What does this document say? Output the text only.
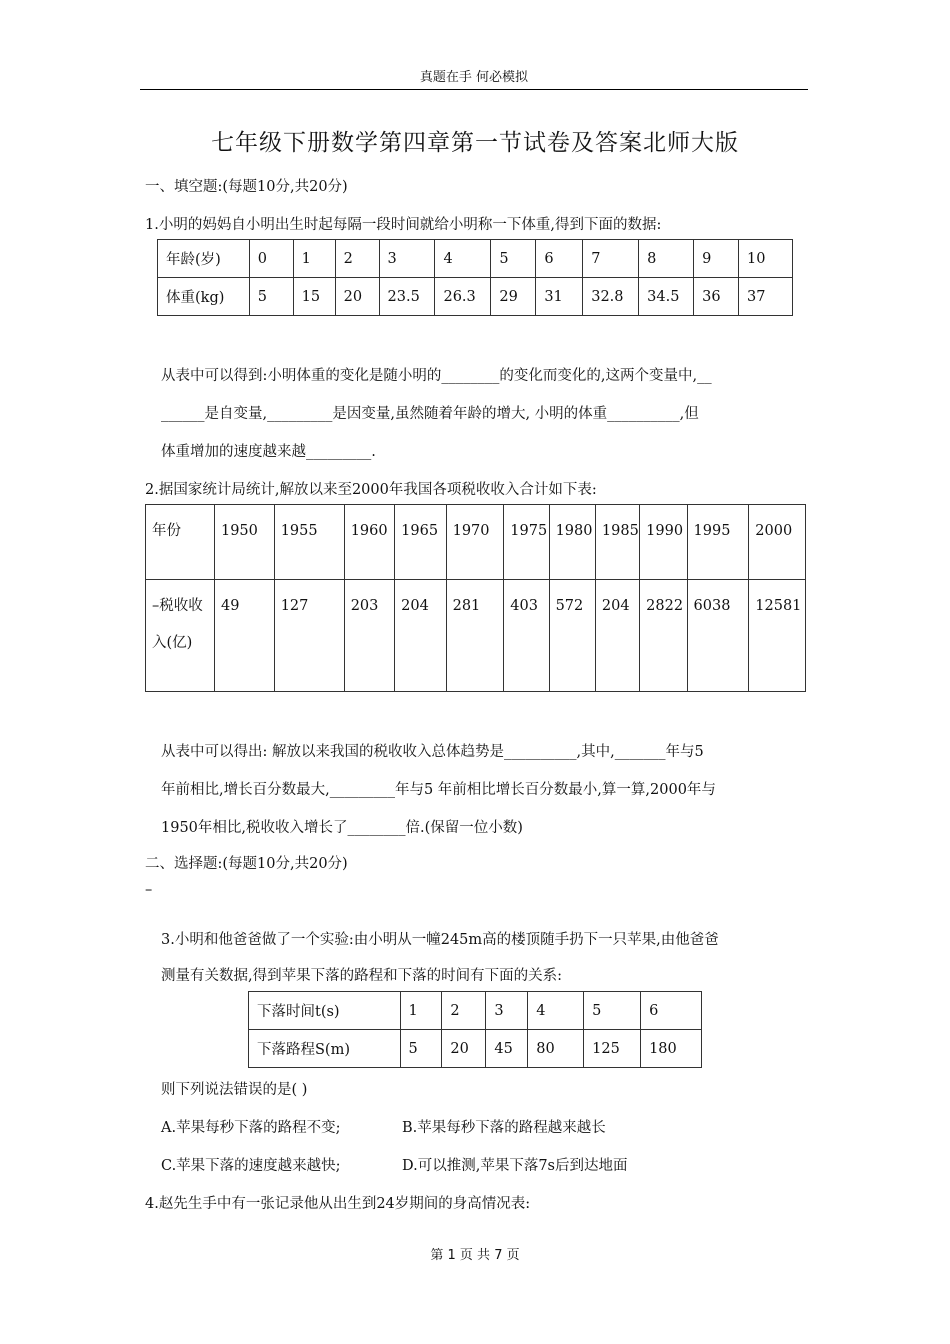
真题在手 何必模拟
七年级下册数学第四章第一节试卷及答案北师大版
一、填空题:(每题10分,共20分)
1.小明的妈妈自小明出生时起每隔一段时间就给小明称一下体重,得到下面的数据:
年龄(岁)	0	1	2	3	4	5	6	7	8	9	10
体重(kg)	5	15	20	23.5	26.3	29	31	32.8	34.5	36	37
从表中可以得到:小明体重的变化是随小明的________的变化而变化的,这两个变量中,__
______是自变量,_________是因变量,虽然随着年龄的增大, 小明的体重__________,但
体重增加的速度越来越_________.
2.据国家统计局统计,解放以来至2000年我国各项税收收入合计如下表:
年份	1950	1955	1960	1965	1970	1975	1980	1985	1990	1995	2000
–税收收入(亿)	49	127	203	204	281	403	572	204	2822	6038	12581
从表中可以得出: 解放以来我国的税收收入总体趋势是__________,其中,_______年与5
年前相比,增长百分数最大,_________年与5 年前相比增长百分数最小,算一算,2000年与
1950年相比,税收收入增长了________倍.(保留一位小数)
二、选择题:(每题10分,共20分)
–
3.小明和他爸爸做了一个实验:由小明从一幢245m高的楼顶随手扔下一只苹果,由他爸爸
测量有关数据,得到苹果下落的路程和下落的时间有下面的关系:
下落时间t(s)	1	2	3	4	5	6
下落路程S(m)	5	20	45	80	125	180
则下列说法错误的是( )
A.苹果每秒下落的路程不变;	B.苹果每秒下落的路程越来越长
C.苹果下落的速度越来越快;	D.可以推测,苹果下落7s后到达地面
4.赵先生手中有一张记录他从出生到24岁期间的身高情况表:
第 1 页 共 7 页
